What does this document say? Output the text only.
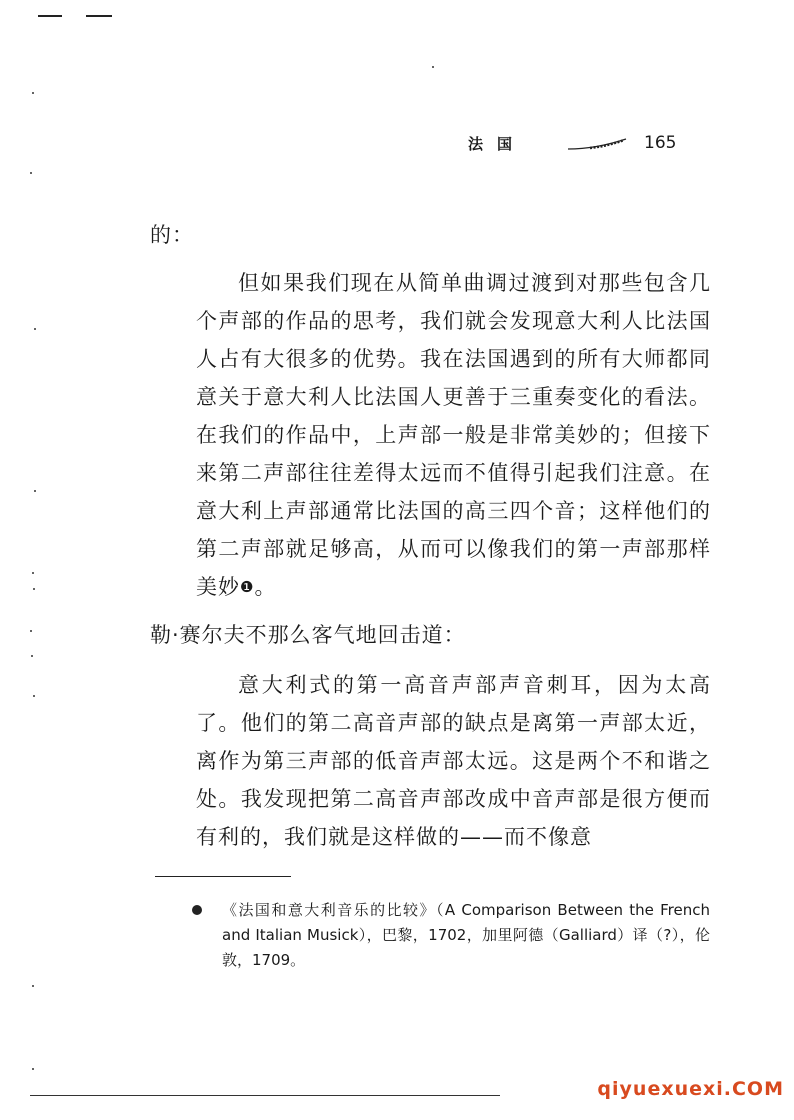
法国	165
的：
但如果我们现在从简单曲调过渡到对那些包含几个声部的作品的思考，我们就会发现意大利人比法国人占有大很多的优势。我在法国遇到的所有大师都同意关于意大利人比法国人更善于三重奏变化的看法。在我们的作品中，上声部一般是非常美妙的；但接下来第二声部往往差得太远而不值得引起我们注意。在意大利上声部通常比法国的高三四个音；这样他们的第二声部就足够高，从而可以像我们的第一声部那样美妙❶。
勒·赛尔夫不那么客气地回击道：
意大利式的第一高音声部声音刺耳，因为太高了。他们的第二高音声部的缺点是离第一声部太近，离作为第三声部的低音声部太远。这是两个不和谐之处。我发现把第二高音声部改成中音声部是很方便而有利的，我们就是这样做的——而不像意
《法国和意大利音乐的比较》（A Comparison Between the French and Italian Musick），巴黎，1702，加里阿德（Galliard）译（?），伦敦，1709。
qiyuexuexi.COM
